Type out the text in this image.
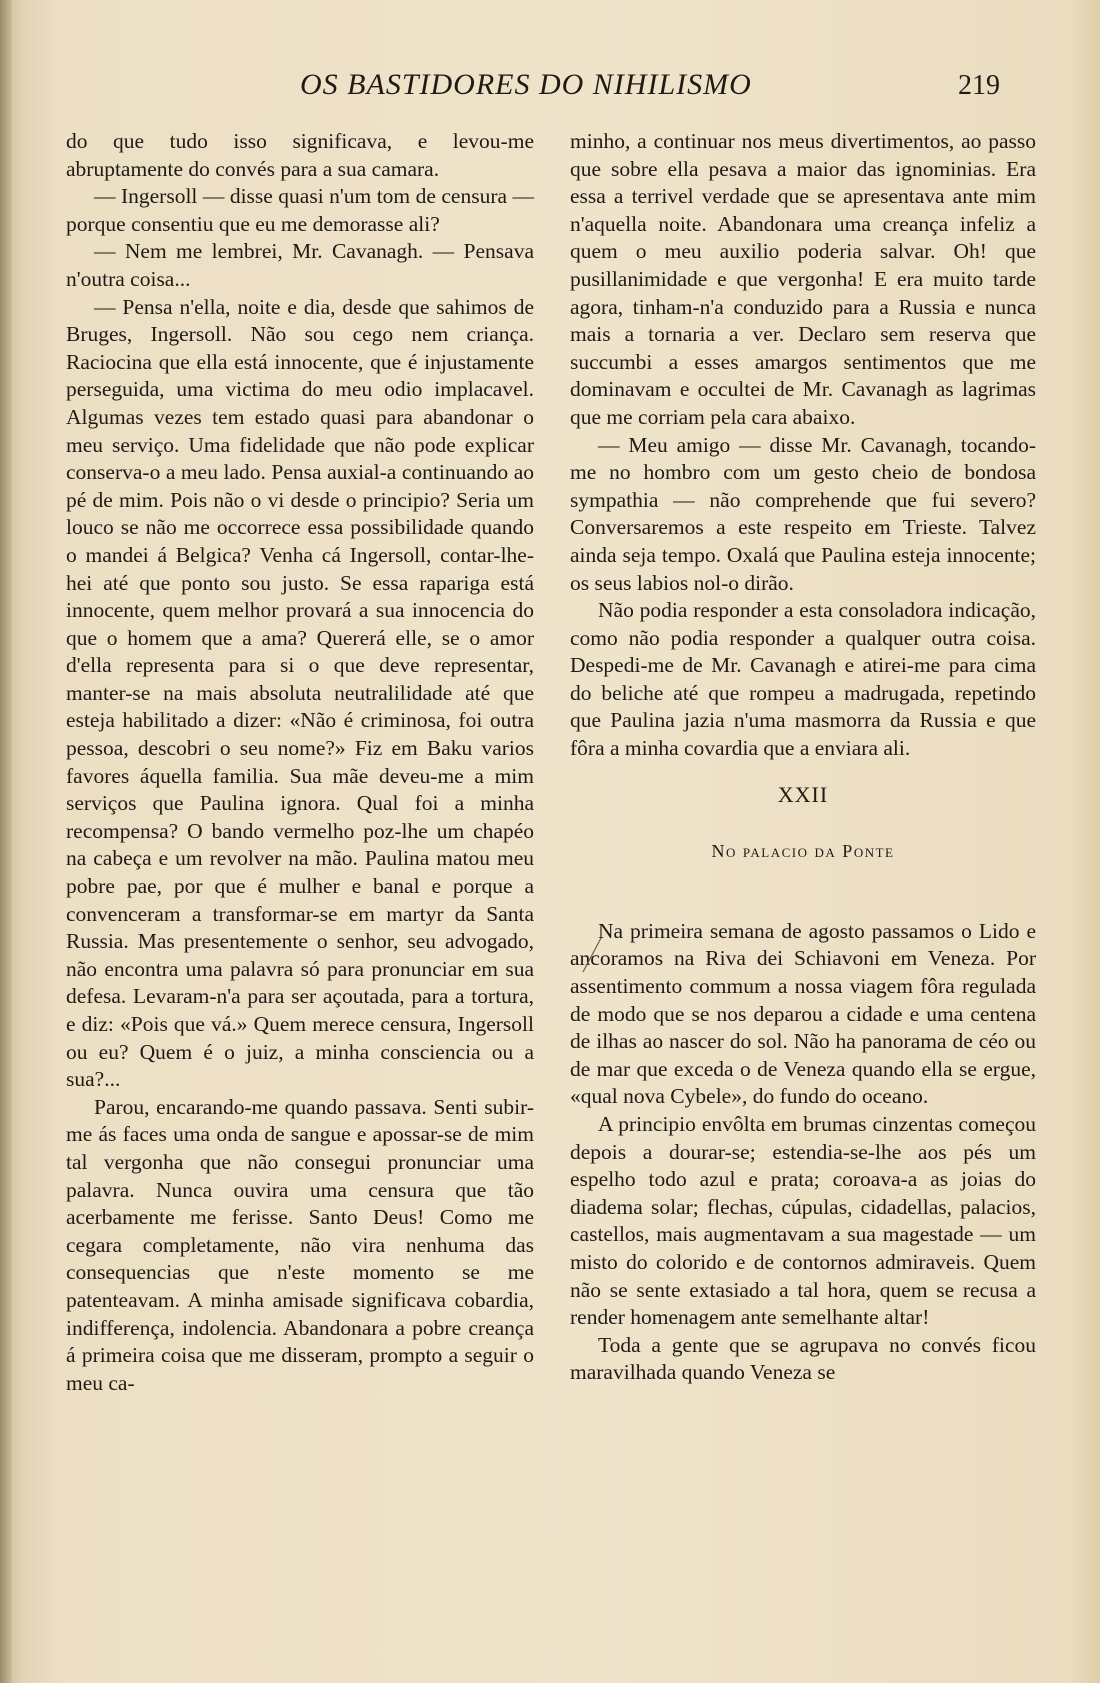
OS BASTIDORES DO NIHILISMO	219

do que tudo isso significava, e levou-me abruptamente do convés para a sua camara.

— Ingersoll — disse quasi n'um tom de censura — porque consentiu que eu me demorasse ali?

— Nem me lembrei, Mr. Cavanagh. — Pensava n'outra coisa...

— Pensa n'ella, noite e dia, desde que sahimos de Bruges, Ingersoll. Não sou cego nem criança. Raciocina que ella está innocente, que é injustamente perseguida, uma victima do meu odio implacavel. Algumas vezes tem estado quasi para abandonar o meu serviço. Uma fidelidade que não pode explicar conserva-o a meu lado. Pensa auxial-a continuando ao pé de mim. Pois não o vi desde o principio? Seria um louco se não me occorrece essa possibilidade quando o mandei á Belgica? Venha cá Ingersoll, contar-lhe-hei até que ponto sou justo. Se essa rapariga está innocente, quem melhor provará a sua innocencia do que o homem que a ama? Quererá elle, se o amor d'ella representa para si o que deve representar, manter-se na mais absoluta neutralilidade até que esteja habilitado a dizer: «Não é criminosa, foi outra pessoa, descobri o seu nome?» Fiz em Baku varios favores áquella familia. Sua mãe deveu-me a mim serviços que Paulina ignora. Qual foi a minha recompensa? O bando vermelho poz-lhe um chapéo na cabeça e um revolver na mão. Paulina matou meu pobre pae, por que é mulher e banal e porque a convenceram a transformar-se em martyr da Santa Russia. Mas presentemente o senhor, seu advogado, não encontra uma palavra só para pronunciar em sua defesa. Levaram-n'a para ser açoutada, para a tortura, e diz: «Pois que vá.» Quem merece censura, Ingersoll ou eu? Quem é o juiz, a minha consciencia ou a sua?...

Parou, encarando-me quando passava. Senti subir-me ás faces uma onda de sangue e apossar-se de mim tal vergonha que não consegui pronunciar uma palavra. Nunca ouvira uma censura que tão acerbamente me ferisse. Santo Deus! Como me cegara completamente, não vira nenhuma das consequencias que n'este momento se me patenteavam. A minha amisade significava cobardia, indifferença, indolencia. Abandonara a pobre creança á primeira coisa que me disseram, prompto a seguir o meu ca-

minho, a continuar nos meus divertimentos, ao passo que sobre ella pesava a maior das ignominias. Era essa a terrivel verdade que se apresentava ante mim n'aquella noite. Abandonara uma creança infeliz a quem o meu auxilio poderia salvar. Oh! que pusillanimidade e que vergonha! E era muito tarde agora, tinham-n'a conduzido para a Russia e nunca mais a tornaria a ver. Declaro sem reserva que succumbi a esses amargos sentimentos que me dominavam e occultei de Mr. Cavanagh as lagrimas que me corriam pela cara abaixo.

— Meu amigo — disse Mr. Cavanagh, tocando-me no hombro com um gesto cheio de bondosa sympathia — não comprehende que fui severo? Conversaremos a este respeito em Trieste. Talvez ainda seja tempo. Oxalá que Paulina esteja innocente; os seus labios nol-o dirão.

Não podia responder a esta consoladora indicação, como não podia responder a qualquer outra coisa. Despedi-me de Mr. Cavanagh e atirei-me para cima do beliche até que rompeu a madrugada, repetindo que Paulina jazia n'uma masmorra da Russia e que fôra a minha covardia que a enviara ali.

XXII

No palacio da Ponte

Na primeira semana de agosto passamos o Lido e ancoramos na Riva dei Schiavoni em Veneza. Por assentimento commum a nossa viagem fôra regulada de modo que se nos deparou a cidade e uma centena de ilhas ao nascer do sol. Não ha panorama de céo ou de mar que exceda o de Veneza quando ella se ergue, «qual nova Cybele», do fundo do oceano.

A principio envôlta em brumas cinzentas começou depois a dourar-se; estendia-se-lhe aos pés um espelho todo azul e prata; coroava-a as joias do diadema solar; flechas, cúpulas, cidadellas, palacios, castellos, mais augmentavam a sua magestade — um misto do colorido e de contornos admiraveis. Quem não se sente extasiado a tal hora, quem se recusa a render homenagem ante semelhante altar!

Toda a gente que se agrupava no convés ficou maravilhada quando Veneza se
